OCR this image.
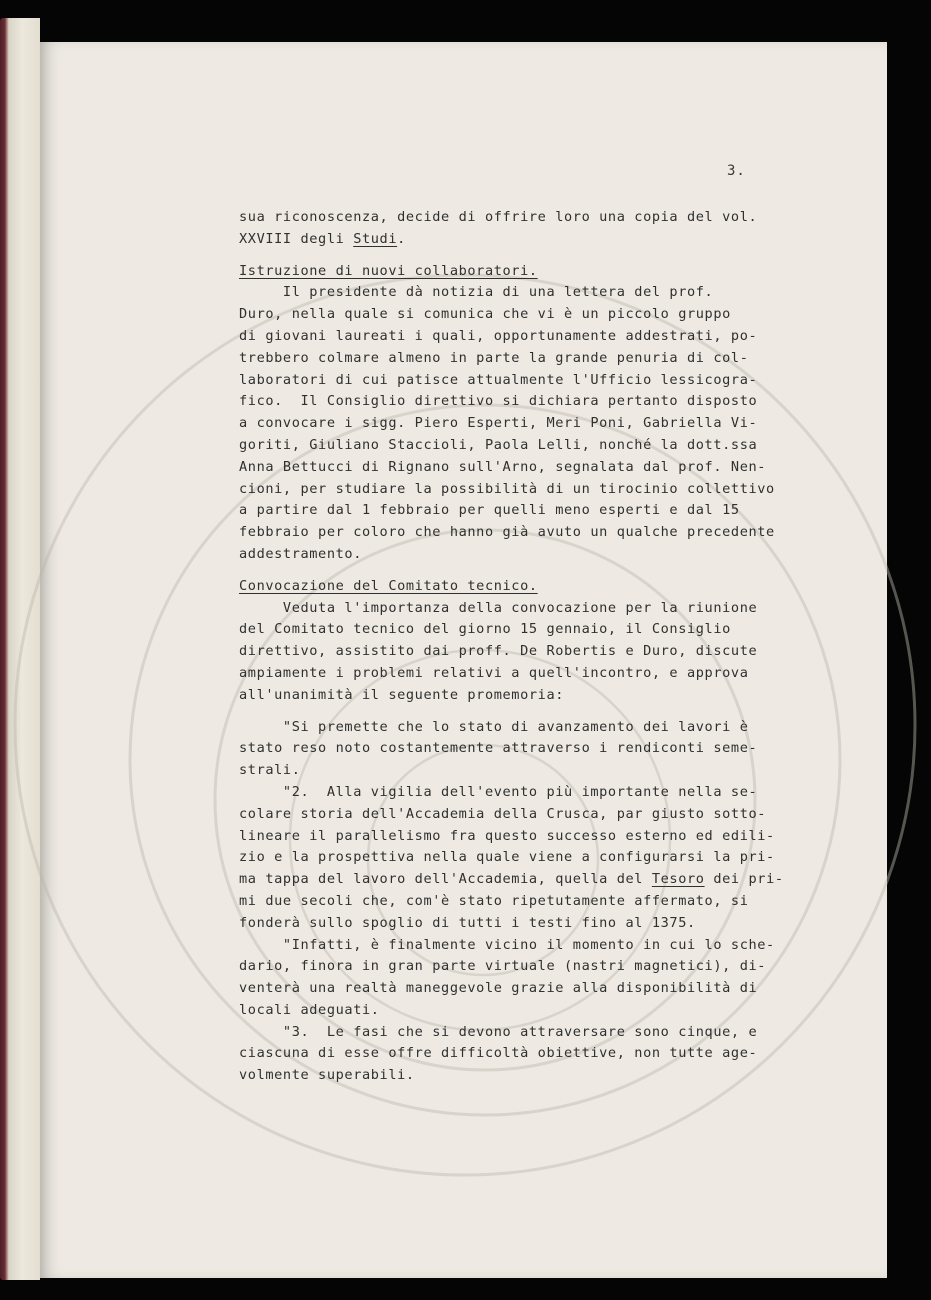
3.
sua riconoscenza, decide di offrire loro una copia del vol.
XXVIII degli Studi.
Istruzione di nuovi collaboratori.
Il presidente dà notizia di una lettera del prof.
Duro, nella quale si comunica che vi è un piccolo gruppo
di giovani laureati i quali, opportunamente addestrati, po-
trebbero colmare almeno in parte la grande penuria di col-
laboratori di cui patisce attualmente l'Ufficio lessicogra-
fico.  Il Consiglio direttivo si dichiara pertanto disposto
a convocare i sigg. Piero Esperti, Meri Poni, Gabriella Vi-
goriti, Giuliano Staccioli, Paola Lelli, nonché la dott.ssa
Anna Bettucci di Rignano sull'Arno, segnalata dal prof. Nen-
cioni, per studiare la possibilità di un tirocinio collettivo
a partire dal 1 febbraio per quelli meno esperti e dal 15
febbraio per coloro che hanno già avuto un qualche precedente
addestramento.
Convocazione del Comitato tecnico.
Veduta l'importanza della convocazione per la riunione
del Comitato tecnico del giorno 15 gennaio, il Consiglio
direttivo, assistito dai proff. De Robertis e Duro, discute
ampiamente i problemi relativi a quell'incontro, e approva
all'unanimità il seguente promemoria:
"Si premette che lo stato di avanzamento dei lavori è
stato reso noto costantemente attraverso i rendiconti seme-
strali.
"2.  Alla vigilia dell'evento più importante nella se-
colare storia dell'Accademia della Crusca, par giusto sotto-
lineare il parallelismo fra questo successo esterno ed edili-
zio e la prospettiva nella quale viene a configurarsi la pri-
ma tappa del lavoro dell'Accademia, quella del Tesoro dei pri-
mi due secoli che, com'è stato ripetutamente affermato, si
fonderà sullo spoglio di tutti i testi fino al 1375.
"Infatti, è finalmente vicino il momento in cui lo sche-
dario, finora in gran parte virtuale (nastri magnetici), di-
venterà una realtà maneggevole grazie alla disponibilità di
locali adeguati.
"3.  Le fasi che si devono attraversare sono cinque, e
ciascuna di esse offre difficoltà obiettive, non tutte age-
volmente superabili.
